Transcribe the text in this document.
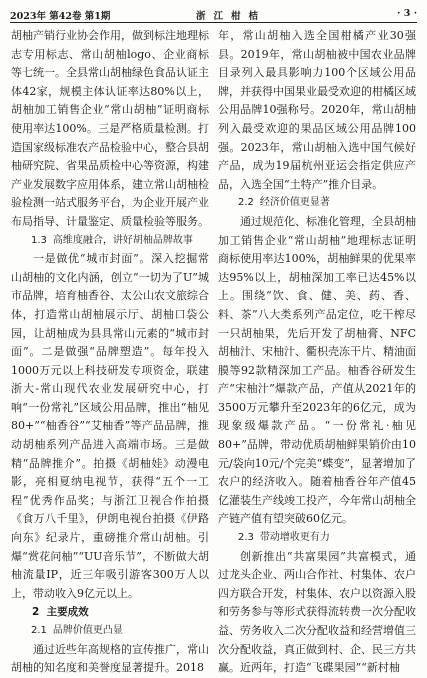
2023年 第42卷 第1期	浙江柑桔	· 3 ·

胡柚产销行业协会作用，做到标注地理标志专用标志、常山胡柚logo、企业商标等七统一。全县常山胡柚绿色食品认证主体42家，规模主体认证率达80%以上，胡柚加工销售企业“常山胡柚”证明商标使用率达100%。三是严格质量检测。打造国家级标准农产品检验中心，整合县胡柚研究院、省果品质检中心等资源，构建产业发展数字应用体系，建立常山胡柚检验检测一站式服务平台，为企业开展产业布局指导、计量鉴定、质量检验等服务。

1.3 高维度融合，讲好胡柚品牌故事

一是做优“城市封面”。深入挖掘常山胡柚的文化内涵，创立“一切为了U”城市品牌，培育柚香谷、太公山农文旅综合体，打造常山胡柚展示厅、胡柚口袋公园，让胡柚成为县具常山元素的“城市封面”。二是做强“品牌塑造”。每年投入1000万元以上科技研发专项资金，联建浙大-常山现代农业发展研究中心，打响“一份常礼”区域公用品牌，推出“柚见80+”“柚香谷”“艾柚香”等产品品牌，推动胡柚系列产品进入高端市场。三是做精“品牌推介”。拍摄《胡柚娃》动漫电影，亮相夏纳电视节，获得“五个一工程”优秀作品奖；与浙江卫视合作拍摄《食万八千里》，伊朗电视台拍摄《伊路向东》纪录片，重磅推介常山胡柚。引爆“赏花问柚”“UU音乐节”，不断做大胡柚流量IP，近三年吸引游客300万人以上，带动收入9亿元以上。

2 主要成效

2.1 品牌价值更凸显

通过近些年高规格的宣传推广，常山胡柚的知名度和美誉度显著提升。2018

年，常山胡柚入选全国柑橘产业30强县。2019年，常山胡柚被中国农业品牌目录列入最具影响力100个区域公用品牌，并获得中国果业最受欢迎的柑橘区域公用品牌10强称号。2020年，常山胡柚列入最受欢迎的果品区域公用品牌100强。2023年，常山胡柚入选中国气候好产品，成为19届杭州亚运会指定供应产品，入选全国“土特产”推介目录。

2.2 经济价值更显著

通过规范化、标准化管理，全县胡柚加工销售企业“常山胡柚”地理标志证明商标使用率达100%，胡柚鲜果的优果率达95%以上，胡柚深加工率已达45%以上。围绕“饮、食、健、美、药、香、料、茶”八大类系列产品定位，吃干榨尽一只胡柚果，先后开发了胡柚膏、NFC胡柚汁、宋柚汁、衢枳壳冻干片、精油面膜等92款精深加工产品。柚香谷研发生产“宋柚汁”爆款产品，产值从2021年的3500万元攀升至2023年的6亿元，成为现象级爆款产品。“一份常礼·柚见80+”品牌，带动优质胡柚鲜果销价由10元/袋向10元/个完美“蝶变”，显著增加了农户的经济收入。随着柚香谷年产值45亿灌装生产线竣工投产，今年常山胡柚全产链产值有望突破60亿元。

2.3 带动增收更有力

创新推出“共富果园”共富模式，通过龙头企业、两山合作社、村集体、农户四方联合开发，村集体、农户以资源入股和劳务参与等形式获得流转费一次分配收益、劳务收入二次分配收益和经营增值三次分配收益，真正做到村、企、民三方共赢。近两年，打造“飞碟果园”“新村柚
